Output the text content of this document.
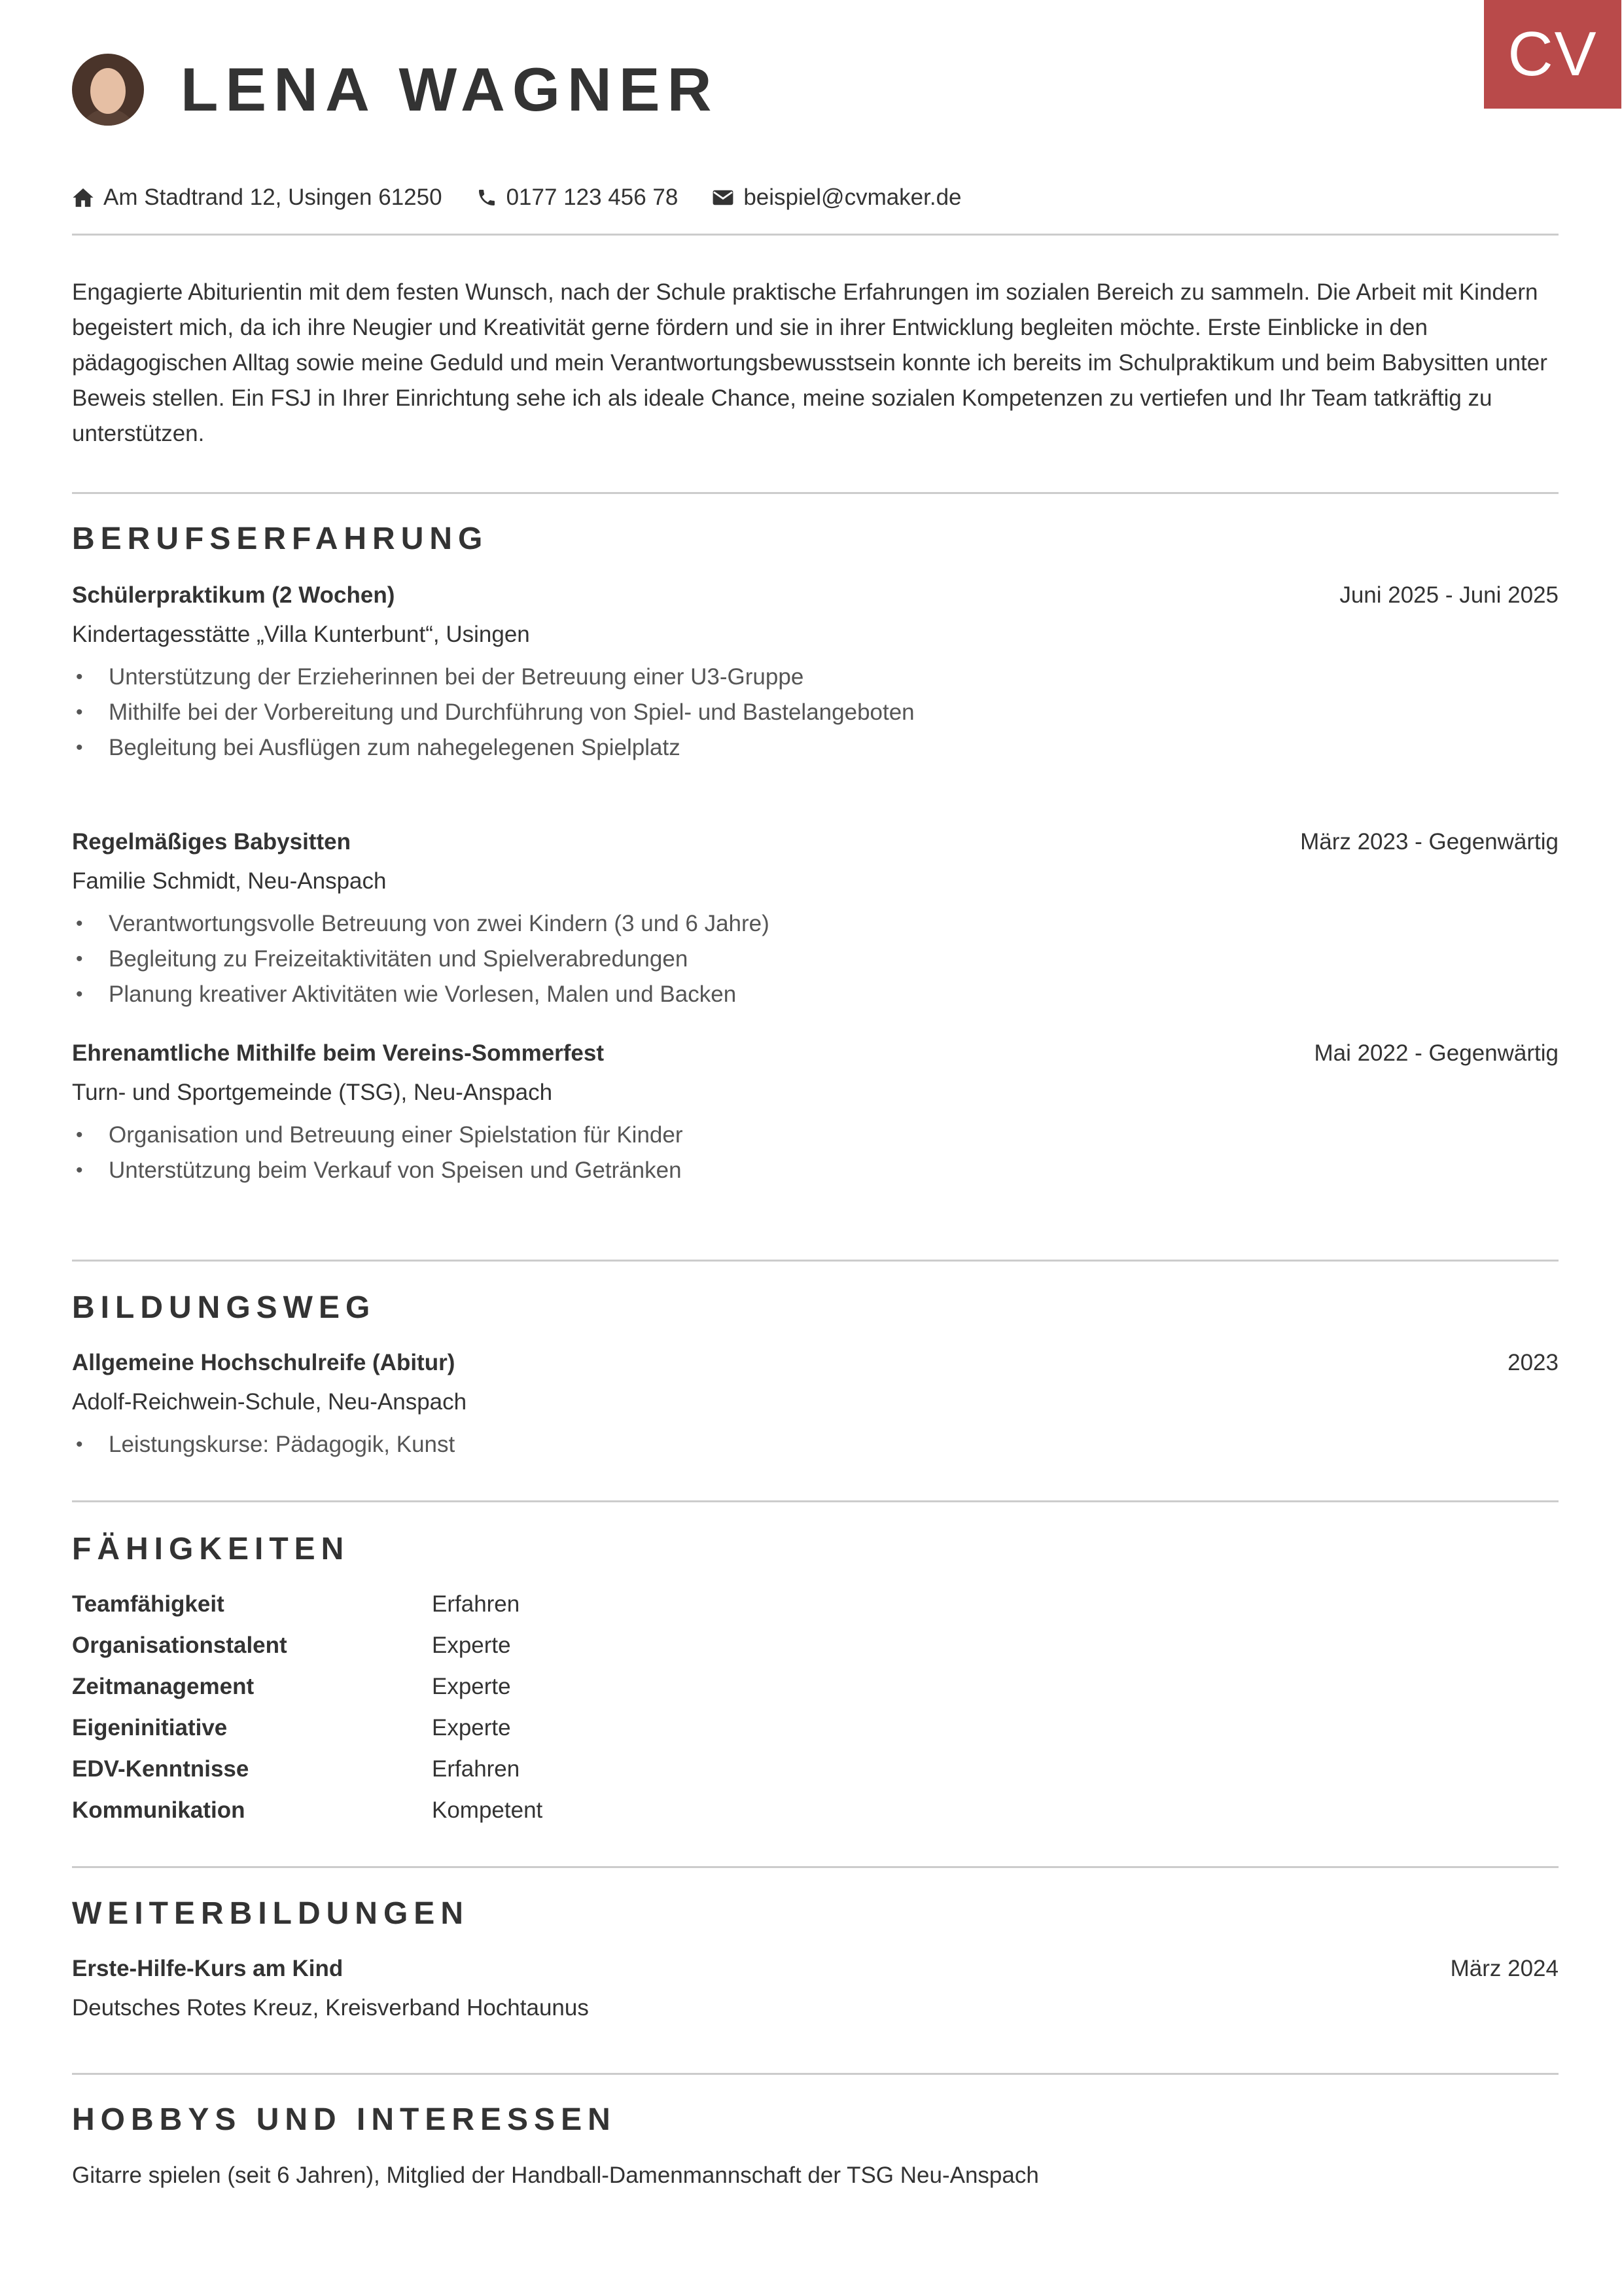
CV
LENA WAGNER
Am Stadtrand 12, Usingen 61250	0177 123 456 78	beispiel@cvmaker.de

Engagierte Abiturientin mit dem festen Wunsch, nach der Schule praktische Erfahrungen im sozialen Bereich zu sammeln. Die Arbeit mit Kindern begeistert mich, da ich ihre Neugier und Kreativität gerne fördern und sie in ihrer Entwicklung begleiten möchte. Erste Einblicke in den pädagogischen Alltag sowie meine Geduld und mein Verantwortungsbewusstsein konnte ich bereits im Schulpraktikum und beim Babysitten unter Beweis stellen. Ein FSJ in Ihrer Einrichtung sehe ich als ideale Chance, meine sozialen Kompetenzen zu vertiefen und Ihr Team tatkräftig zu unterstützen.

BERUFSERFAHRUNG
Schülerpraktikum (2 Wochen)
Kindertagesstätte „Villa Kunterbunt“, Usingen
Juni 2025 - Juni 2025
• Unterstützung der Erzieherinnen bei der Betreuung einer U3-Gruppe
• Mithilfe bei der Vorbereitung und Durchführung von Spiel- und Bastelangeboten
• Begleitung bei Ausflügen zum nahegelegenen Spielplatz
Regelmäßiges Babysitten
Familie Schmidt, Neu-Anspach
März 2023 - Gegenwärtig
• Verantwortungsvolle Betreuung von zwei Kindern (3 und 6 Jahre)
• Begleitung zu Freizeitaktivitäten und Spielverabredungen
• Planung kreativer Aktivitäten wie Vorlesen, Malen und Backen
Ehrenamtliche Mithilfe beim Vereins-Sommerfest
Turn- und Sportgemeinde (TSG), Neu-Anspach
Mai 2022 - Gegenwärtig
• Organisation und Betreuung einer Spielstation für Kinder
• Unterstützung beim Verkauf von Speisen und Getränken
BILDUNGSWEG
Allgemeine Hochschulreife (Abitur)
Adolf-Reichwein-Schule, Neu-Anspach
2023
• Leistungskurse: Pädagogik, Kunst
FÄHIGKEITEN
Teamfähigkeit	Erfahren
Organisationstalent	Experte
Zeitmanagement	Experte
Eigeninitiative	Experte
EDV-Kenntnisse	Erfahren
Kommunikation	Kompetent
WEITERBILDUNGEN
Erste-Hilfe-Kurs am Kind
Deutsches Rotes Kreuz, Kreisverband Hochtaunus
März 2024
HOBBYS UND INTERESSEN

Gitarre spielen (seit 6 Jahren), Mitglied der Handball-Damenmannschaft der TSG Neu-Anspach
